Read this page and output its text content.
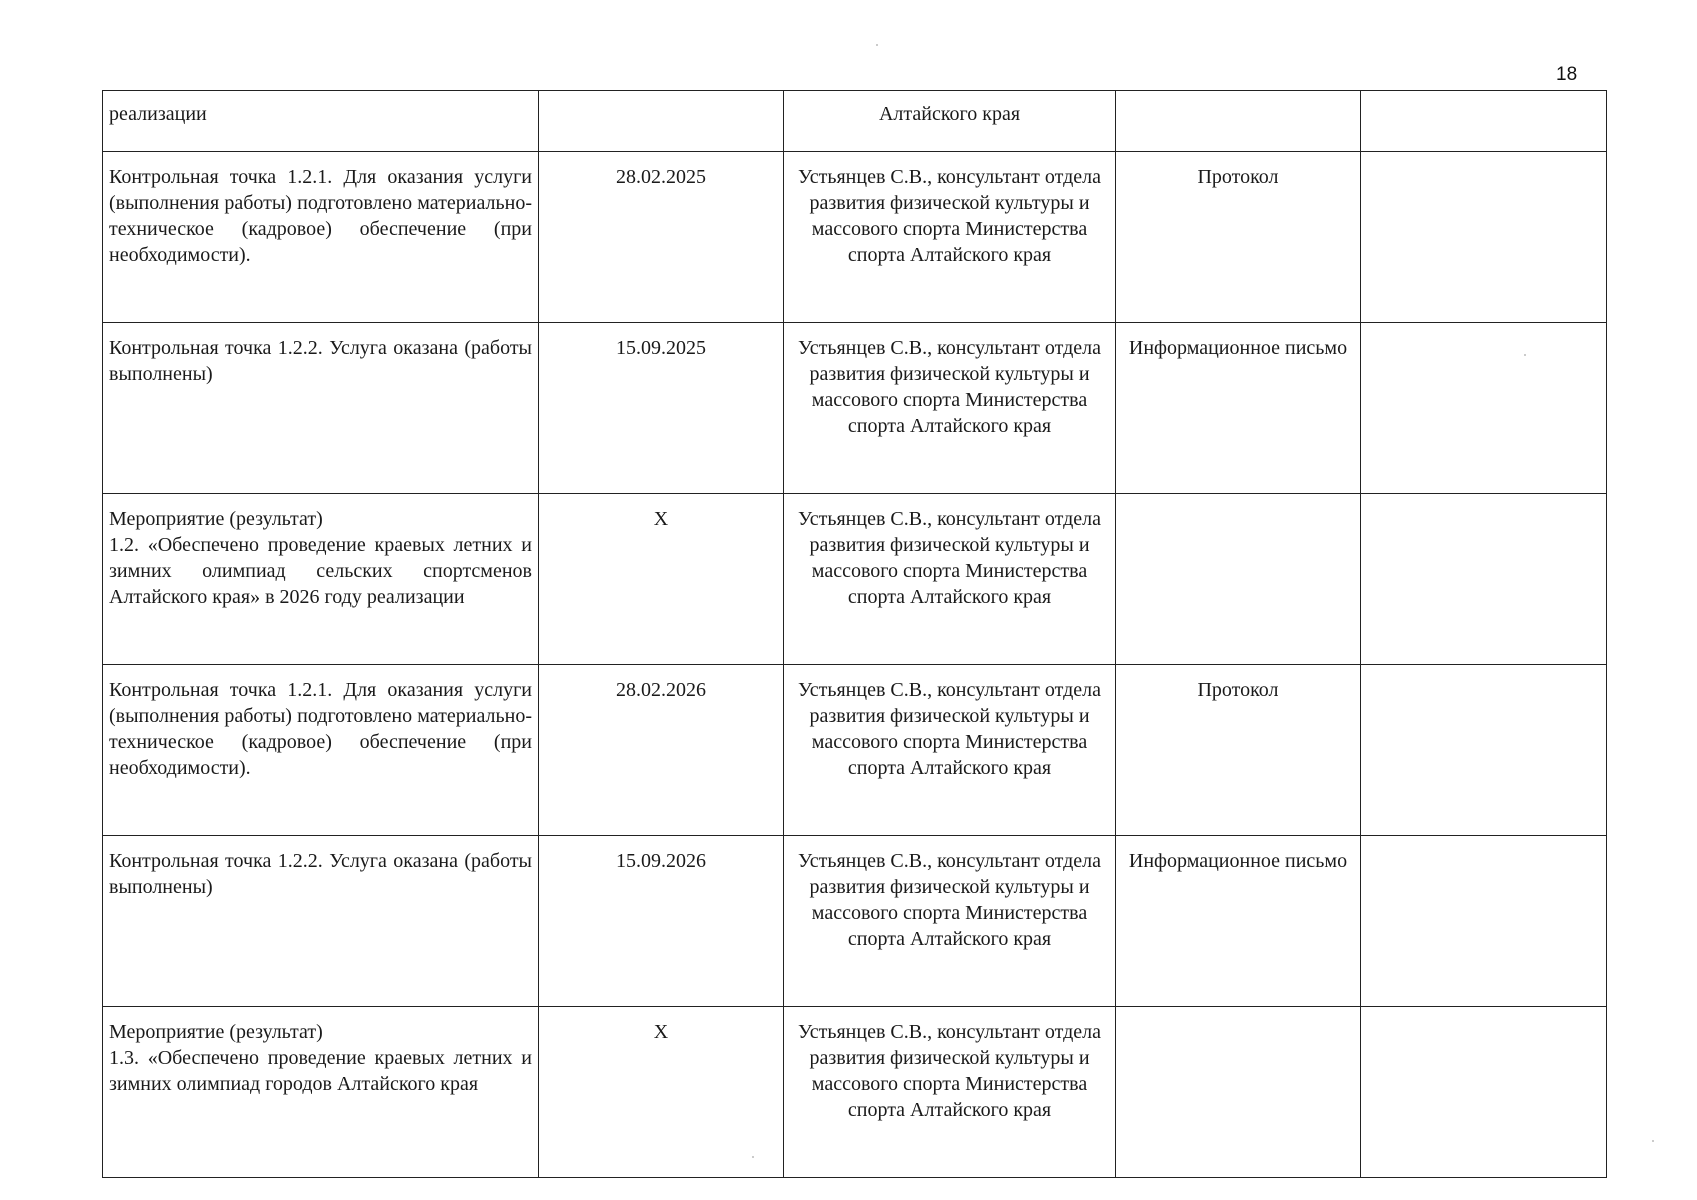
18
реализации		Алтайского края		

Контрольная точка 1.2.1. Для оказания услуги (выполнения работы) подготовлено материально-техническое (кадровое) обеспечение (при необходимости).	28.02.2025	Устьянцев С.В., консультант отдела развития физической культуры и массового спорта Министерства спорта Алтайского края	Протокол	

Контрольная точка 1.2.2. Услуга оказана (работы выполнены)	15.09.2025	Устьянцев С.В., консультант отдела развития физической культуры и массового спорта Министерства спорта Алтайского края	Информационное письмо	

Мероприятие (результат)
1.2. «Обеспечено проведение краевых летних и зимних олимпиад сельских спортсменов Алтайского края» в 2026 году реализации	X	Устьянцев С.В., консультант отдела развития физической культуры и массового спорта Министерства спорта Алтайского края		

Контрольная точка 1.2.1. Для оказания услуги (выполнения работы) подготовлено материально-техническое (кадровое) обеспечение (при необходимости).	28.02.2026	Устьянцев С.В., консультант отдела развития физической культуры и массового спорта Министерства спорта Алтайского края	Протокол	

Контрольная точка 1.2.2. Услуга оказана (работы выполнены)	15.09.2026	Устьянцев С.В., консультант отдела развития физической культуры и массового спорта Министерства спорта Алтайского края	Информационное письмо	

Мероприятие (результат)
1.3. «Обеспечено проведение краевых летних и зимних олимпиад городов Алтайского края	X	Устьянцев С.В., консультант отдела развития физической культуры и массового спорта Министерства спорта Алтайского края		
